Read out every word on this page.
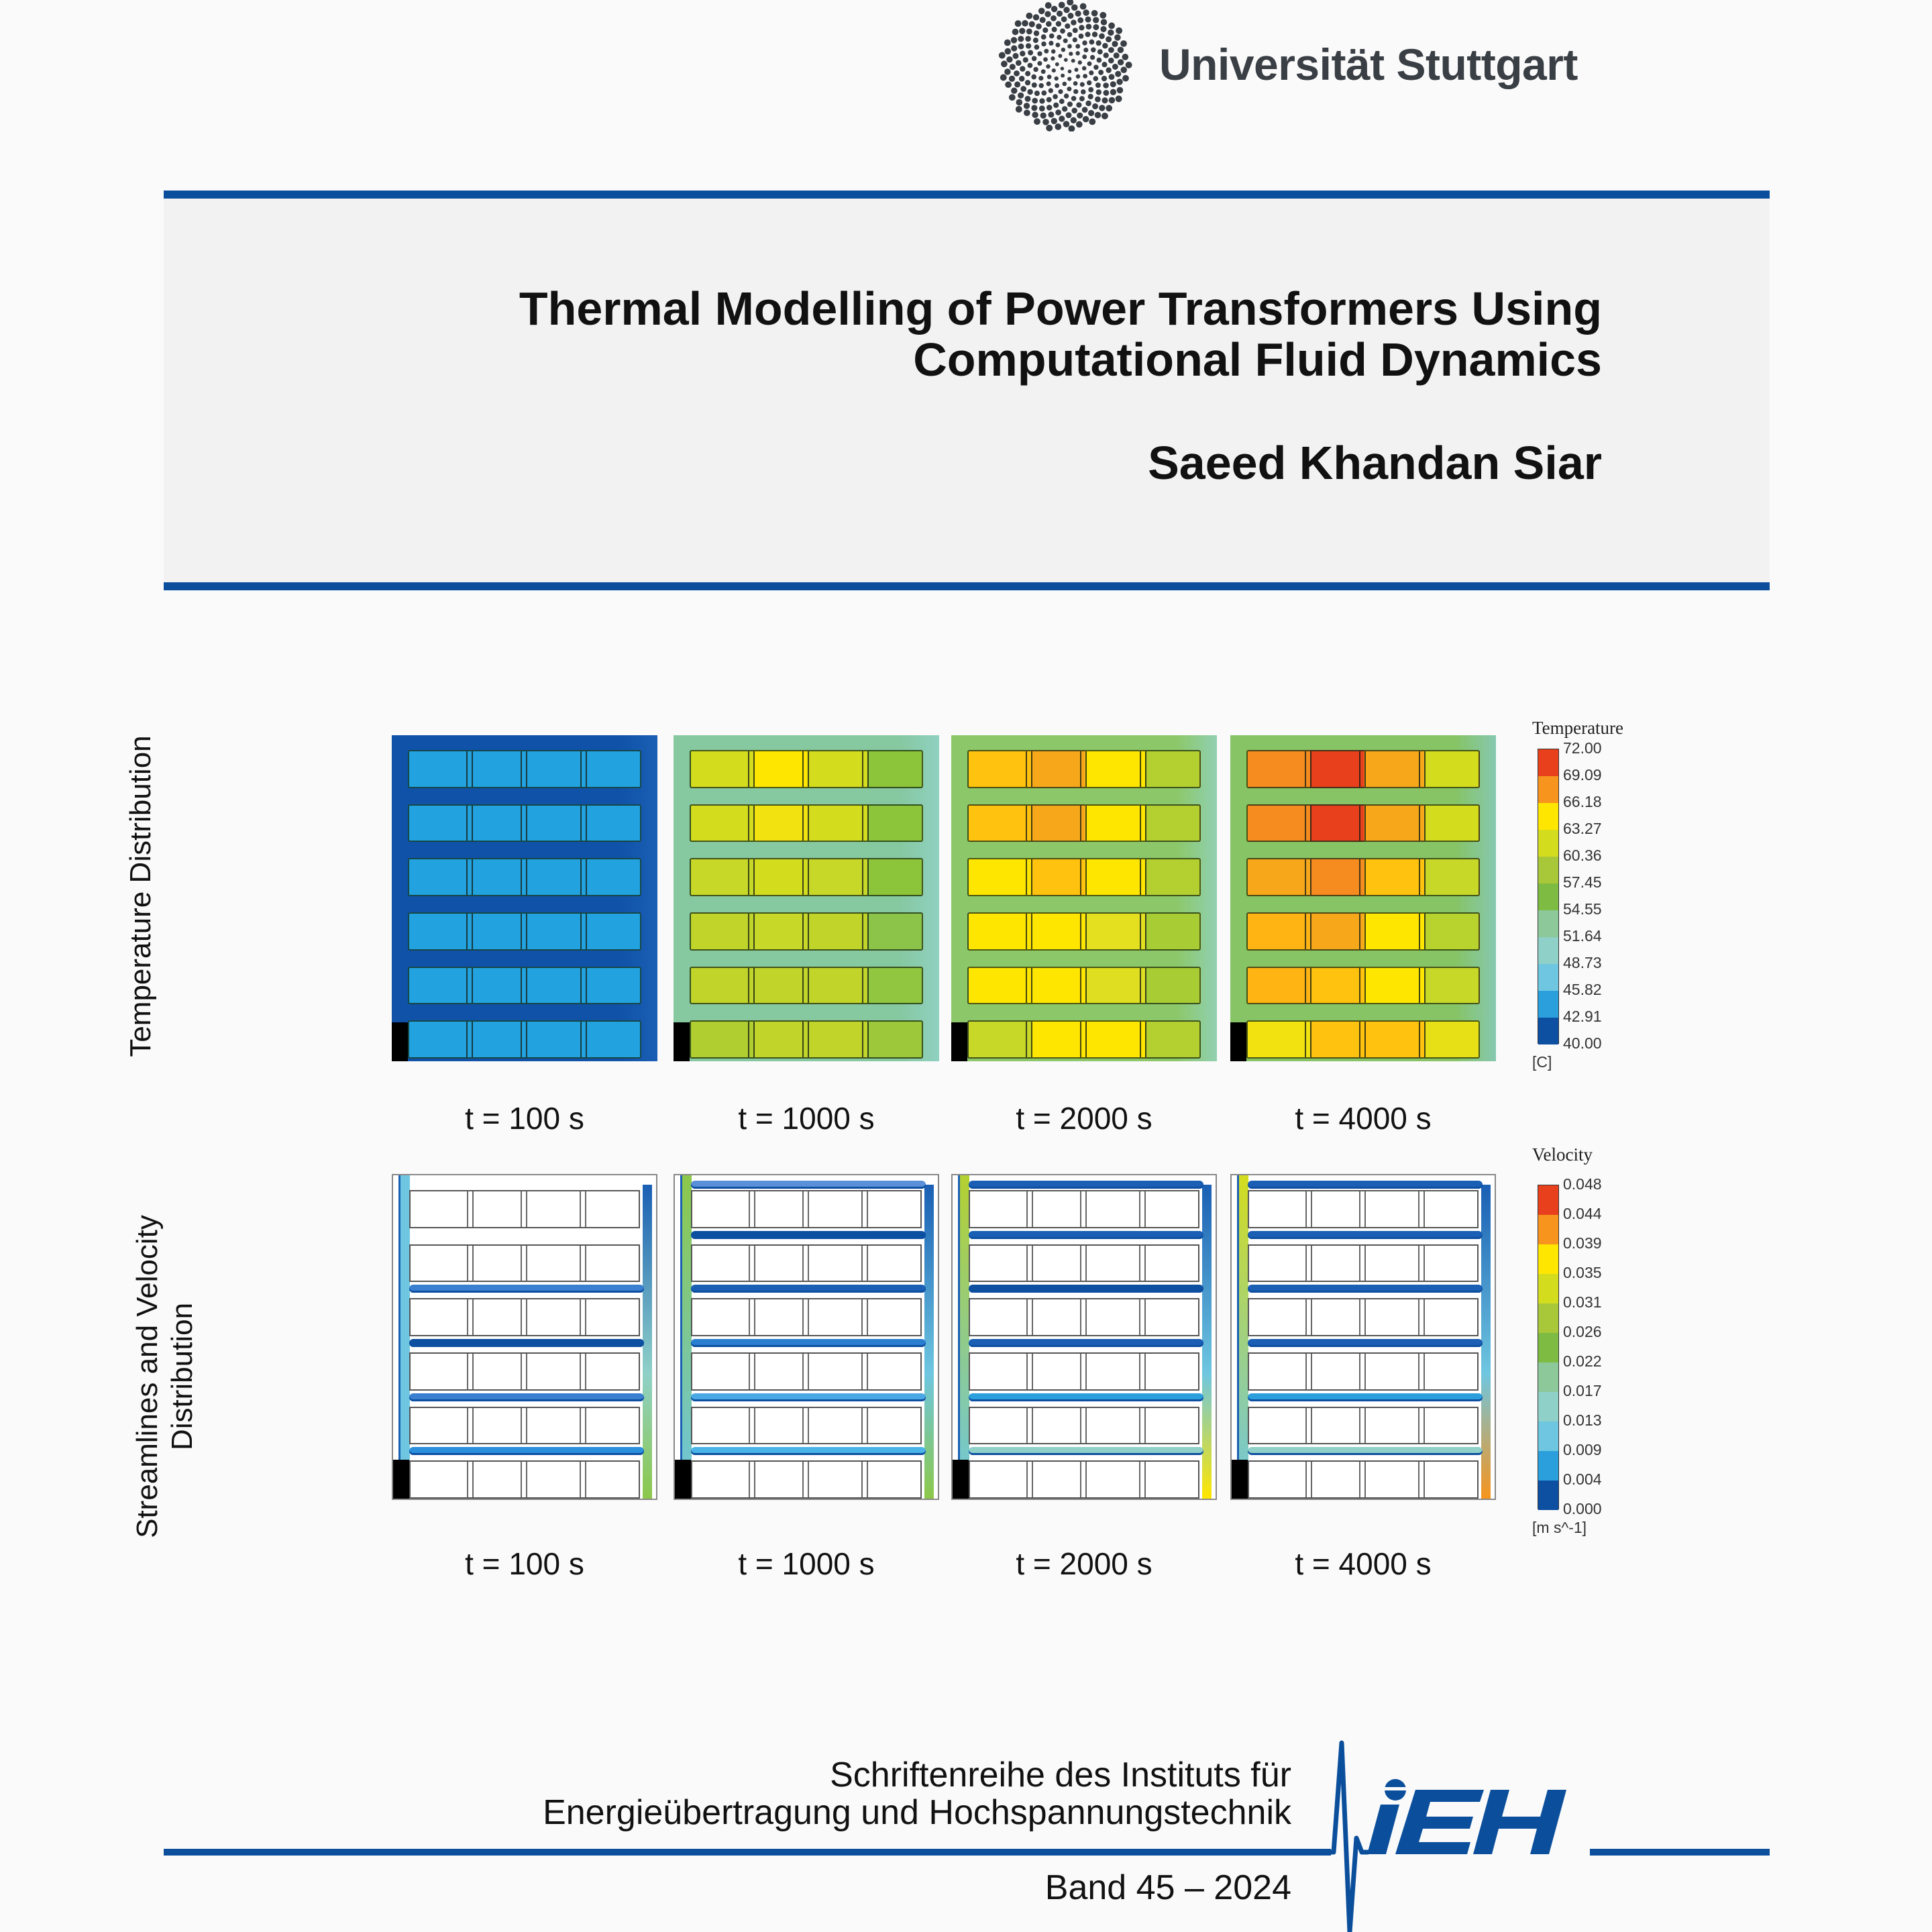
Universität Stuttgart
Thermal Modelling of Power Transformers Using
Computational Fluid Dynamics
Saeed Khandan Siar
Temperature Distribution
Streamlines and Velocity Distribution
t = 100 s	t = 1000 s	t = 2000 s	t = 4000 s
t = 100 s	t = 1000 s	t = 2000 s	t = 4000 s
Temperature
72.00
69.09
66.18
63.27
60.36
57.45
54.55
51.64
48.73
45.82
42.91
40.00
[C]
Velocity
0.048
0.044
0.039
0.035
0.031
0.026
0.022
0.017
0.013
0.009
0.004
0.000
[m s^-1]
Schriftenreihe des Instituts für
Energieübertragung und Hochspannungstechnik
Band 45 – 2024
